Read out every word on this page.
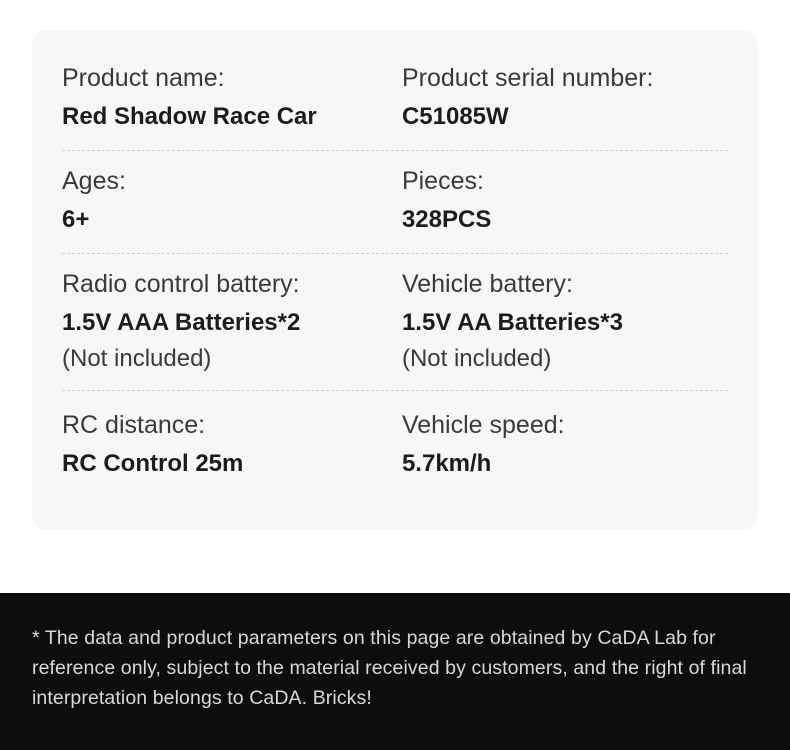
Product name:
Red Shadow Race Car
Product serial number:
C51085W
Ages:
6+
Pieces:
328PCS
Radio control battery:
1.5V AAA Batteries*2
(Not included)
Vehicle battery:
1.5V AA Batteries*3
(Not included)
RC distance:
RC Control 25m
Vehicle speed:
5.7km/h
* The data and product parameters on this page are obtained by CaDA Lab for reference only, subject to the material received by customers, and the right of final interpretation belongs to CaDA. Bricks!
